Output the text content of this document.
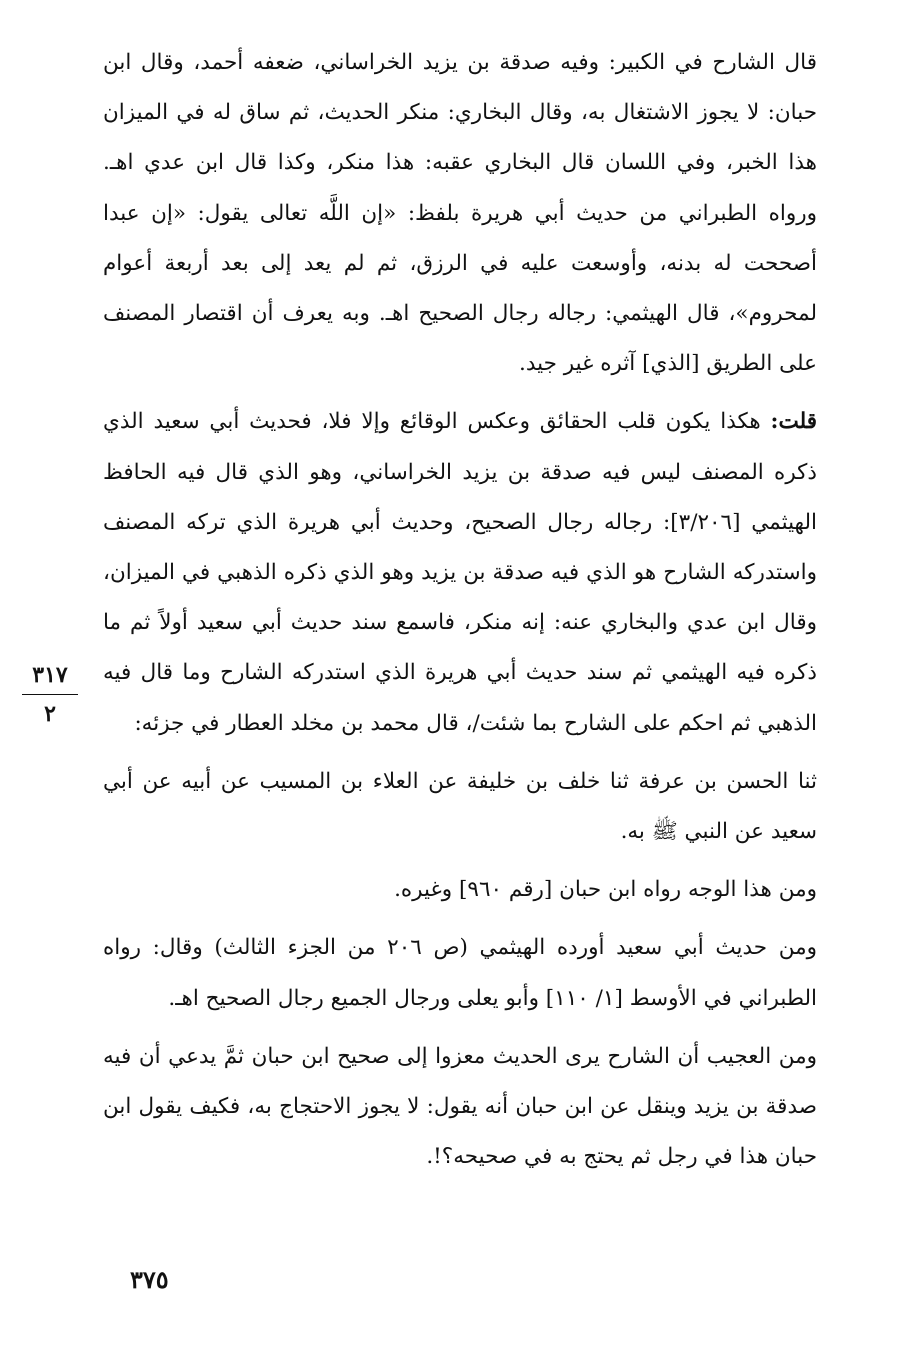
قال الشارح في الكبير: وفيه صدقة بن يزيد الخراساني، ضعفه أحمد، وقال ابن حبان: لا يجوز الاشتغال به، وقال البخاري: منكر الحديث، ثم ساق له في الميزان هذا الخبر، وفي اللسان قال البخاري عقبه: هذا منكر، وكذا قال ابن عدي اهـ. ورواه الطبراني من حديث أبي هريرة بلفظ: «إن اللَّه تعالى يقول: «إن عبدا أصححت له بدنه، وأوسعت عليه في الرزق، ثم لم يعد إلى بعد أربعة أعوام لمحروم»، قال الهيثمي: رجاله رجال الصحيح اهـ. وبه يعرف أن اقتصار المصنف على الطريق [الذي] آثره غير جيد.

قلت: هكذا يكون قلب الحقائق وعكس الوقائع وإلا فلا، فحديث أبي سعيد الذي ذكره المصنف ليس فيه صدقة بن يزيد الخراساني، وهو الذي قال فيه الحافظ الهيثمي [٣/٢٠٦]: رجاله رجال الصحيح، وحديث أبي هريرة الذي تركه المصنف واستدركه الشارح هو الذي فيه صدقة بن يزيد وهو الذي ذكره الذهبي في الميزان، وقال ابن عدي والبخاري عنه: إنه منكر، فاسمع سند حديث أبي سعيد أولاً ثم ما ذكره فيه الهيثمي ثم سند حديث أبي هريرة الذي استدركه الشارح وما قال فيه الذهبي ثم احكم على الشارح بما شئت/، قال محمد بن مخلد العطار في جزئه:

ثنا الحسن بن عرفة ثنا خلف بن خليفة عن العلاء بن المسيب عن أبيه عن أبي سعيد عن النبي ﷺ به.

ومن هذا الوجه رواه ابن حبان [رقم ٩٦٠] وغيره.

ومن حديث أبي سعيد أورده الهيثمي (ص ٢٠٦ من الجزء الثالث) وقال: رواه الطبراني في الأوسط [١/ ١١٠] وأبو يعلى ورجال الجميع رجال الصحيح اهـ.

ومن العجيب أن الشارح يرى الحديث معزوا إلى صحيح ابن حبان ثمَّ يدعي أن فيه صدقة بن يزيد وينقل عن ابن حبان أنه يقول: لا يجوز الاحتجاج به، فكيف يقول ابن حبان هذا في رجل ثم يحتج به في صحيحه؟!.

٣١٧
٢
٣٧٥
